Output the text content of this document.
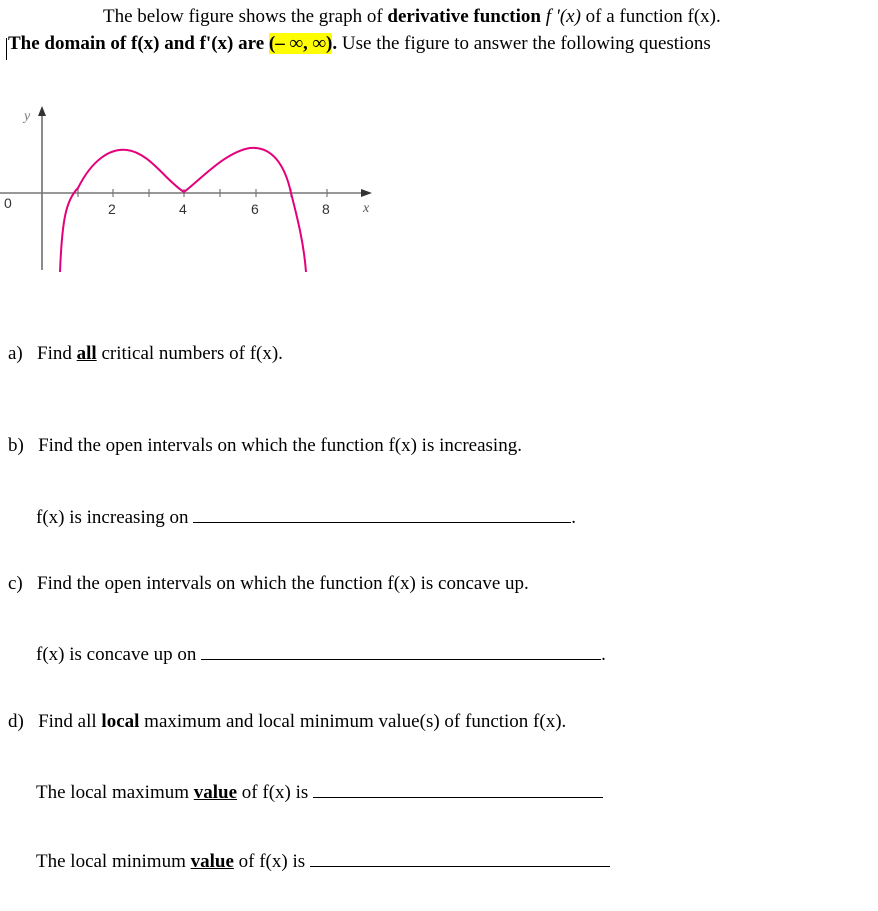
The below figure shows the graph of derivative function f '(x) of a function f(x).
The domain of f(x) and f'(x) are (– ∞, ∞). Use the figure to answer the following questions
y
x
0	2	4	6	8
a) Find all critical numbers of f(x).
b) Find the open intervals on which the function f(x) is increasing.
f(x) is increasing on	.
c) Find the open intervals on which the function f(x) is concave up.
f(x) is concave up on	.
d) Find all local maximum and local minimum value(s) of function f(x).
The local maximum value of f(x) is
The local minimum value of f(x) is
